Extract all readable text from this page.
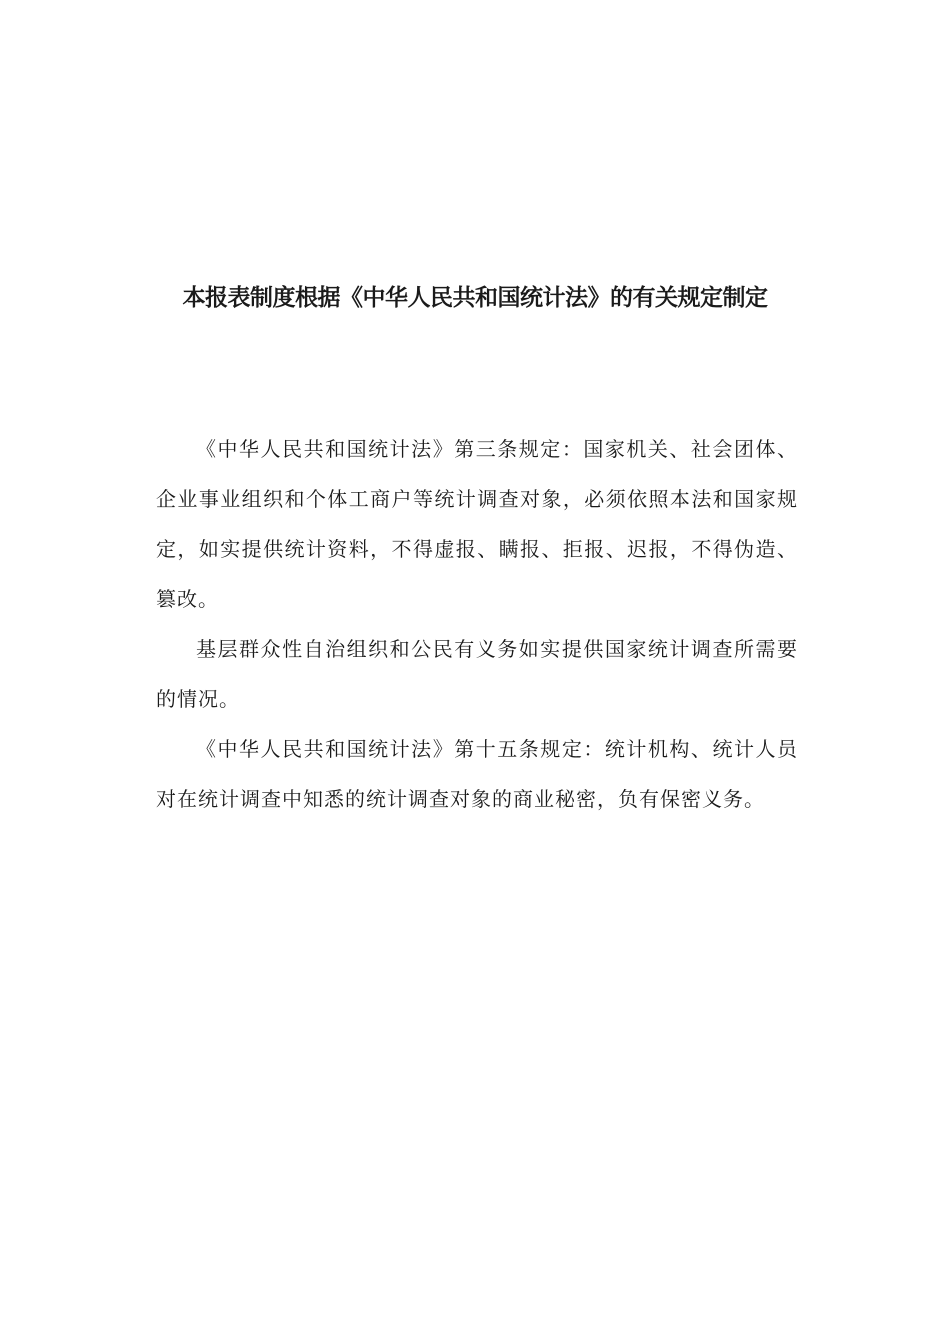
本报表制度根据《中华人民共和国统计法》的有关规定制定

《中华人民共和国统计法》第三条规定：国家机关、社会团体、企业事业组织和个体工商户等统计调查对象，必须依照本法和国家规定，如实提供统计资料，不得虚报、瞒报、拒报、迟报，不得伪造、篡改。

基层群众性自治组织和公民有义务如实提供国家统计调查所需要的情况。

《中华人民共和国统计法》第十五条规定：统计机构、统计人员对在统计调查中知悉的统计调查对象的商业秘密，负有保密义务。
